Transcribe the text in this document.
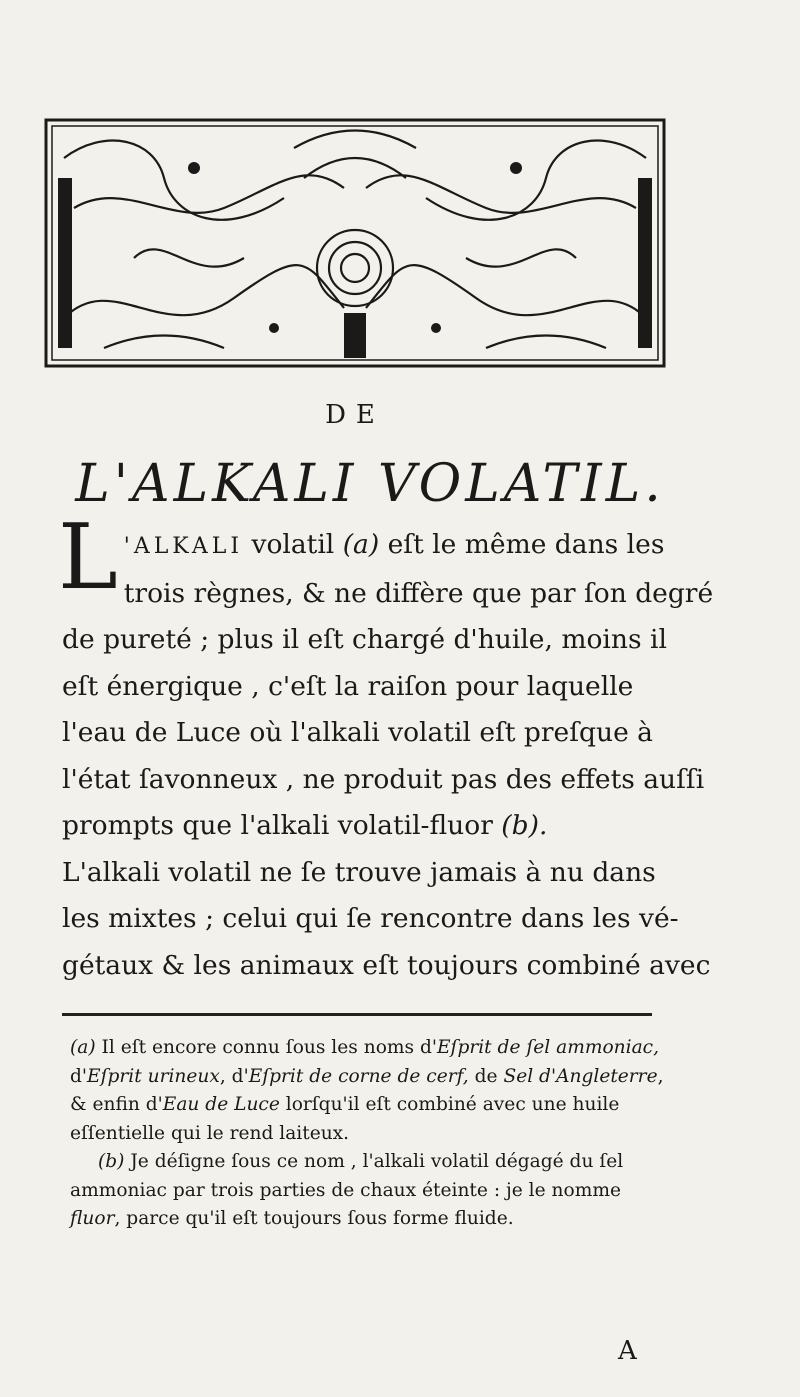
DE
L'ALKALI VOLATIL.
L 'ALKALI volatil (a) eſt le même dans les
trois règnes, & ne diffère que par ſon degré
de pureté ; plus il eſt chargé d'huile, moins il
eſt énergique , c'eſt la raiſon pour laquelle
l'eau de Luce où l'alkali volatil eſt preſque à
l'état ſavonneux , ne produit pas des effets auſſi
prompts que l'alkali volatil-fluor (b).
L'alkali volatil ne ſe trouve jamais à nu dans
les mixtes ; celui qui ſe rencontre dans les vé-
gétaux & les animaux eſt toujours combiné avec
(a) Il eſt encore connu ſous les noms d'Eſprit de ſel ammoniac,
d'Eſprit urineux, d'Eſprit de corne de cerf, de Sel d'Angleterre,
& enfin d'Eau de Luce lorſqu'il eſt combiné avec une huile
eſſentielle qui le rend laiteux.
(b) Je déſigne ſous ce nom , l'alkali volatil dégagé du ſel
ammoniac par trois parties de chaux éteinte : je le nomme
fluor, parce qu'il eſt toujours ſous forme fluide.
A
